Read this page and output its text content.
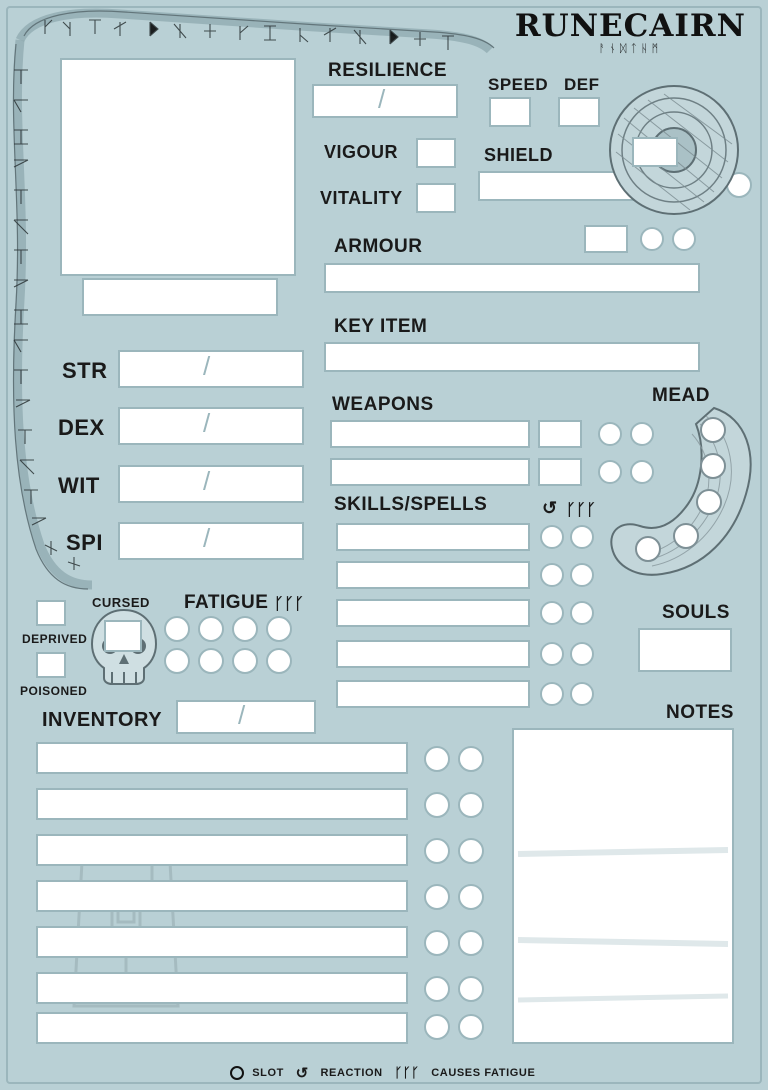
RUNECAIRN
ᚨᚾᛞᛏᚺᛗ
RESILIENCE
/	SPEED DEF
VIGOUR
VITALITY
SHIELD
ARMOUR
KEY ITEM
STR	/
DEX	/
WIT	/
SPI	/
WEAPONS	MEAD
SKILLS/SPELLS	↺ ᚴᚴᚴ
SOULS
DEPRIVED
POISONED
CURSED FATIGUE ᚴᚴᚴ
INVENTORY	/	NOTES
SLOT ↺ REACTION ᚴᚴᚴ CAUSES FATIGUE
